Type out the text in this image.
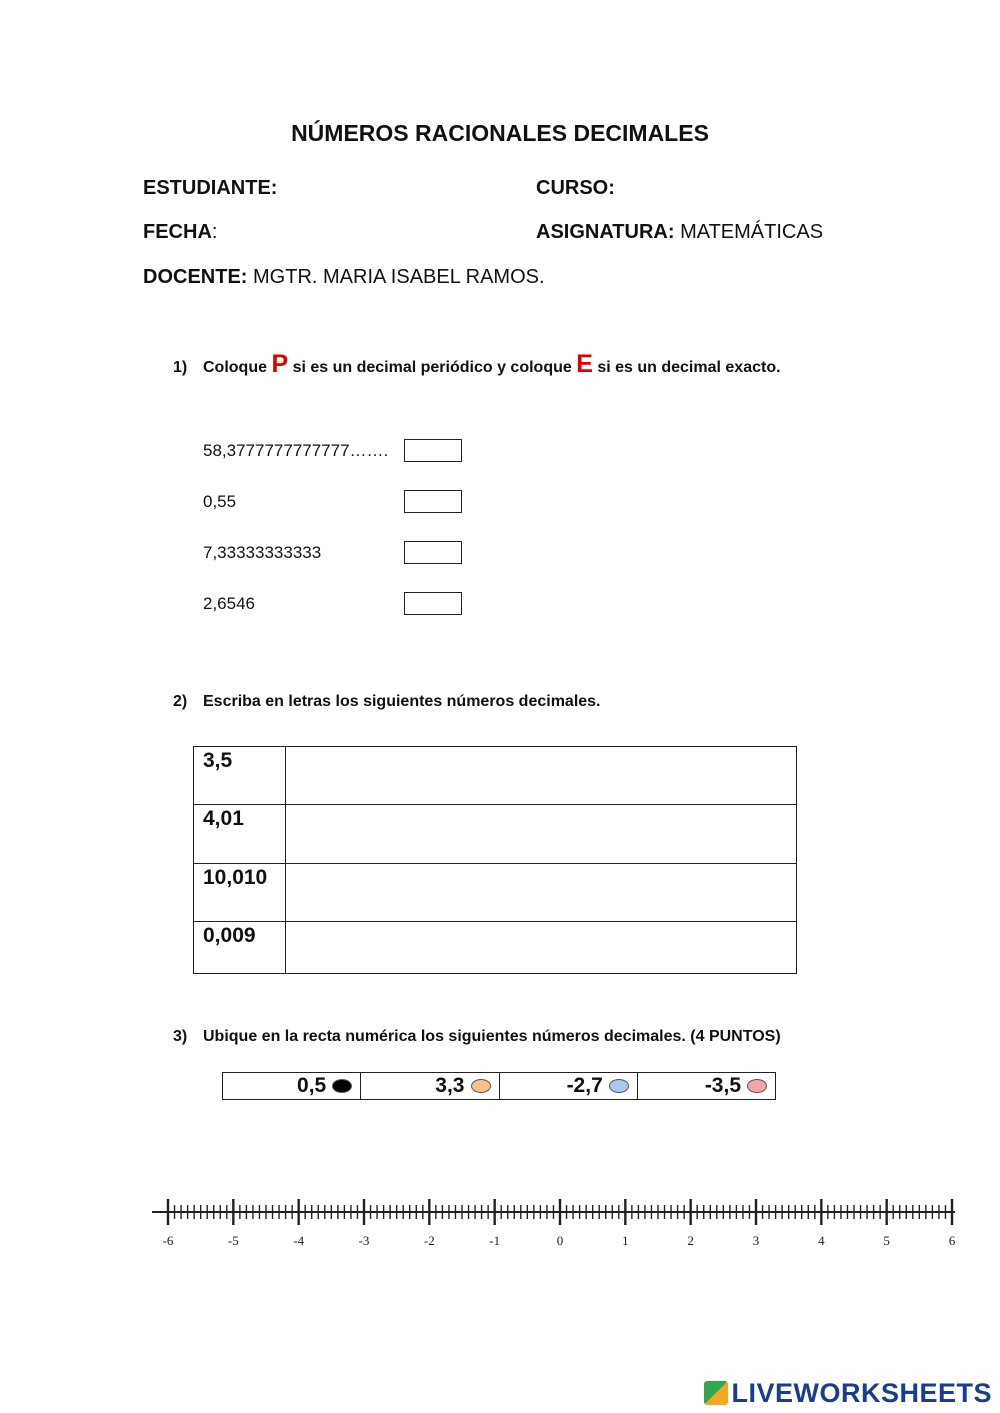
NÚMEROS RACIONALES DECIMALES
ESTUDIANTE:	CURSO:
FECHA:	ASIGNATURA: MATEMÁTICAS
DOCENTE: MGTR. MARIA ISABEL RAMOS.
1) Coloque P si es un decimal periódico y coloque E si es un decimal exacto.
58,3777777777777…….
0,55
7,33333333333
2,6546
2) Escriba en letras los siguientes números decimales.
3,5	
4,01	
10,010	
0,009	
3) Ubique en la recta numérica los siguientes números decimales. (4 PUNTOS)
0,5	3,3	-2,7	-3,5
-6	-5	-4	-3	-2	-1	0	1	2	3	4	5	6
LIVEWORKSHEETS
